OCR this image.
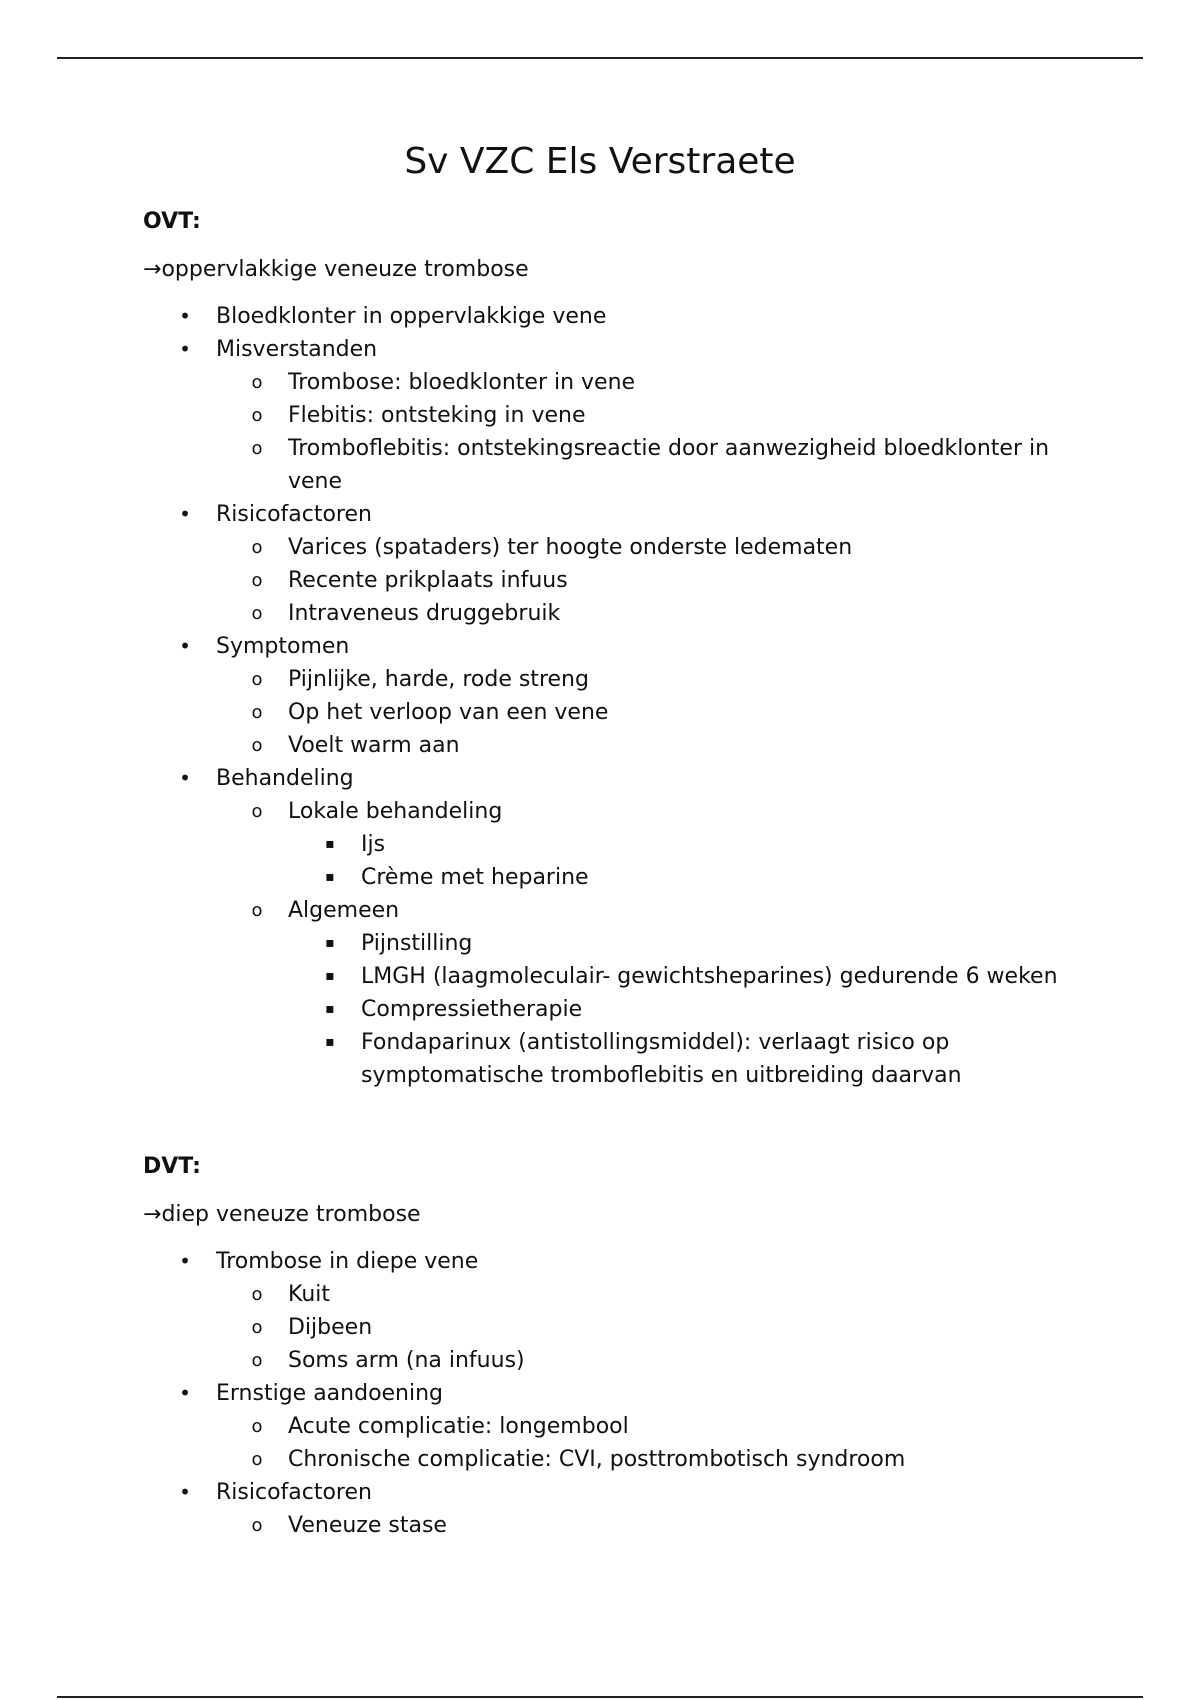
Sv VZC Els Verstraete

OVT:

→oppervlakkige veneuze trombose

• Bloedklonter in oppervlakkige vene
• Misverstanden
o Trombose: bloedklonter in vene
o Flebitis: ontsteking in vene
o Tromboflebitis: ontstekingsreactie door aanwezigheid bloedklonter in vene
• Risicofactoren
o Varices (spataders) ter hoogte onderste ledematen
o Recente prikplaats infuus
o Intraveneus druggebruik
• Symptomen
o Pijnlijke, harde, rode streng
o Op het verloop van een vene
o Voelt warm aan
• Behandeling
o Lokale behandeling
▪ Ijs
▪ Crème met heparine
o Algemeen
▪ Pijnstilling
▪ LMGH (laagmoleculair- gewichtsheparines) gedurende 6 weken
▪ Compressietherapie
▪ Fondaparinux (antistollingsmiddel): verlaagt risico op symptomatische tromboflebitis en uitbreiding daarvan

DVT:

→diep veneuze trombose

• Trombose in diepe vene
o Kuit
o Dijbeen
o Soms arm (na infuus)
• Ernstige aandoening
o Acute complicatie: longembool
o Chronische complicatie: CVI, posttrombotisch syndroom
• Risicofactoren
o Veneuze stase
